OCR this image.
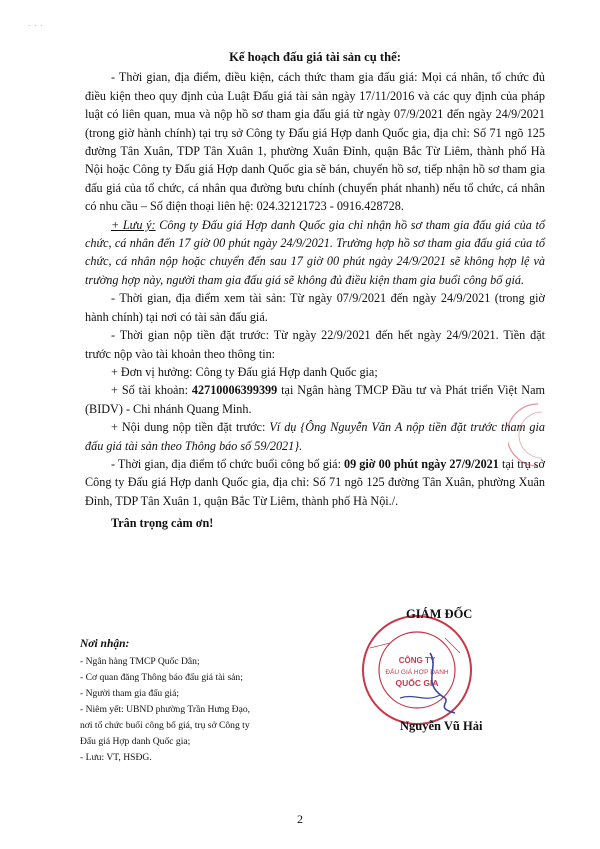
· · ·

Kế hoạch đấu giá tài sản cụ thể:

- Thời gian, địa điểm, điều kiện, cách thức tham gia đấu giá: Mọi cá nhân, tổ chức đủ điều kiện theo quy định của Luật Đấu giá tài sản ngày 17/11/2016 và các quy định của pháp luật có liên quan, mua và nộp hồ sơ tham gia đấu giá từ ngày 07/9/2021 đến ngày 24/9/2021 (trong giờ hành chính) tại trụ sở Công ty Đấu giá Hợp danh Quốc gia, địa chỉ: Số 71 ngõ 125 đường Tân Xuân, TDP Tân Xuân 1, phường Xuân Đỉnh, quận Bắc Từ Liêm, thành phố Hà Nội hoặc Công ty Đấu giá Hợp danh Quốc gia sẽ bán, chuyển hồ sơ, tiếp nhận hồ sơ tham gia đấu giá của tổ chức, cá nhân qua đường bưu chính (chuyển phát nhanh) nếu tổ chức, cá nhân có nhu cầu – Số điện thoại liên hệ: 024.32121723 - 0916.428728.

+ Lưu ý: Công ty Đấu giá Hợp danh Quốc gia chỉ nhận hồ sơ tham gia đấu giá của tổ chức, cá nhân đến 17 giờ 00 phút ngày 24/9/2021. Trường hợp hồ sơ tham gia đấu giá của tổ chức, cá nhân nộp hoặc chuyển đến sau 17 giờ 00 phút ngày 24/9/2021 sẽ không hợp lệ và trường hợp này, người tham gia đấu giá sẽ không đủ điều kiện tham gia buổi công bố giá.

- Thời gian, địa điểm xem tài sản: Từ ngày 07/9/2021 đến ngày 24/9/2021 (trong giờ hành chính) tại nơi có tài sản đấu giá.

- Thời gian nộp tiền đặt trước: Từ ngày 22/9/2021 đến hết ngày 24/9/2021. Tiền đặt trước nộp vào tài khoản theo thông tin:

+ Đơn vị hưởng: Công ty Đấu giá Hợp danh Quốc gia;

+ Số tài khoản: 42710006399399 tại Ngân hàng TMCP Đầu tư và Phát triển Việt Nam (BIDV) - Chi nhánh Quang Minh.

+ Nội dung nộp tiền đặt trước: Ví dụ {Ông Nguyễn Văn A nộp tiền đặt trước tham gia đấu giá tài sản theo Thông báo số 59/2021}.

- Thời gian, địa điểm tổ chức buổi công bố giá: 09 giờ 00 phút ngày 27/9/2021 tại trụ sở Công ty Đấu giá Hợp danh Quốc gia, địa chỉ: Số 71 ngõ 125 đường Tân Xuân, phường Xuân Đỉnh, TDP Tân Xuân 1, quận Bắc Từ Liêm, thành phố Hà Nội./.

Trân trọng cảm ơn!

Nơi nhận:

- Ngân hàng TMCP Quốc Dân;

- Cơ quan đăng Thông báo đấu giá tài sản;

- Người tham gia đấu giá;

- Niêm yết: UBND phường Trần Hưng Đạo,

nơi tổ chức buổi công bố giá, trụ sở Công ty

Đấu giá Hợp danh Quốc gia;

- Lưu: VT, HSĐG.

CÔNG TY
ĐẤU GIÁ HỢP DANH
QUỐC GIA
GIÁM ĐỐC
Nguyễn Vũ Hải
2
